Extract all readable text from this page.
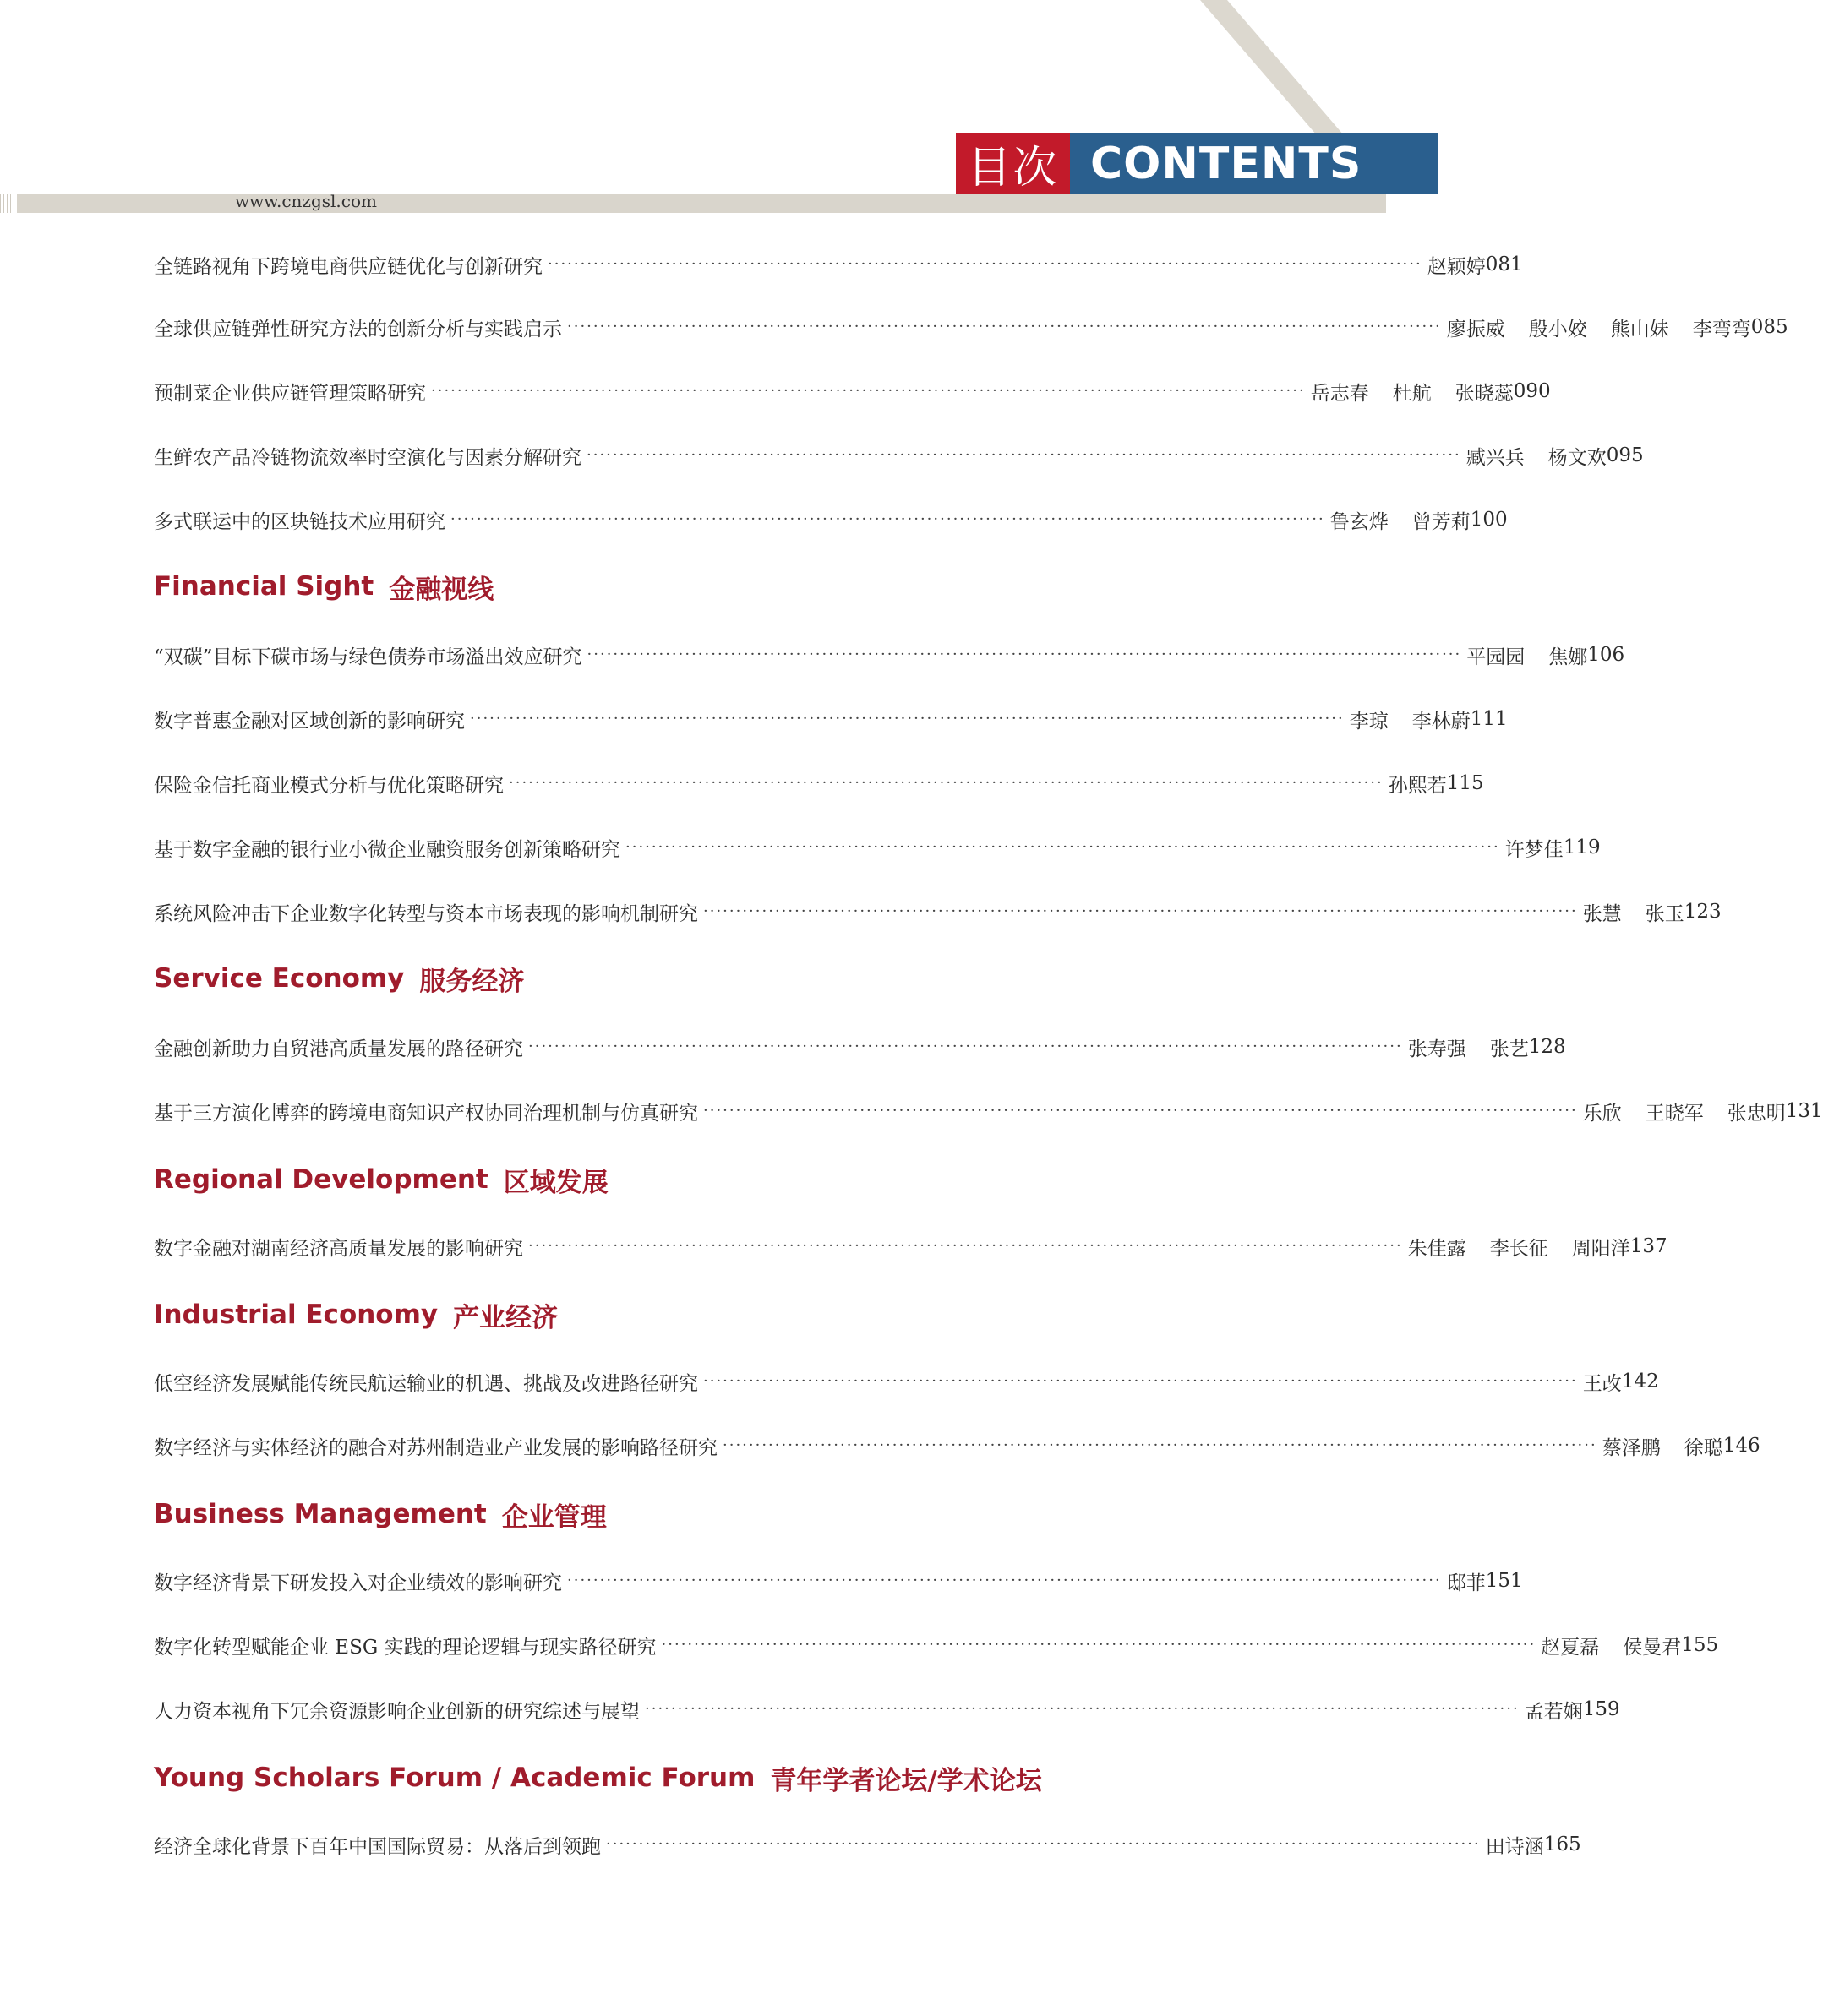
www.cnzgsl.com
目次 CONTENTS
全链路视角下跨境电商供应链优化与创新研究 ······································································································································ 赵颖婷 081
全球供应链弹性研究方法的创新分析与实践启示 ······································································································································ 廖振威 殷小姣 熊山妹 李弯弯 085
预制菜企业供应链管理策略研究 ······································································································································ 岳志春 杜航 张晓蕊 090
生鲜农产品冷链物流效率时空演化与因素分解研究 ······································································································································ 臧兴兵 杨文欢 095
多式联运中的区块链技术应用研究 ······································································································································ 鲁玄烨 曾芳莉 100
Financial Sight 金融视线
“双碳”目标下碳市场与绿色债券市场溢出效应研究 ······································································································································ 平园园 焦娜 106
数字普惠金融对区域创新的影响研究 ······································································································································ 李琼 李林蔚 111
保险金信托商业模式分析与优化策略研究 ······································································································································ 孙熙若 115
基于数字金融的银行业小微企业融资服务创新策略研究 ······································································································································ 许梦佳 119
系统风险冲击下企业数字化转型与资本市场表现的影响机制研究 ······································································································································ 张慧 张玉 123
Service Economy 服务经济
金融创新助力自贸港高质量发展的路径研究 ······································································································································ 张寿强 张艺 128
基于三方演化博弈的跨境电商知识产权协同治理机制与仿真研究 ······································································································································ 乐欣 王晓军 张忠明 131
Regional Development 区域发展
数字金融对湖南经济高质量发展的影响研究 ······································································································································ 朱佳露 李长征 周阳洋 137
Industrial Economy 产业经济
低空经济发展赋能传统民航运输业的机遇、挑战及改进路径研究 ······································································································································ 王改 142
数字经济与实体经济的融合对苏州制造业产业发展的影响路径研究 ······································································································································ 蔡泽鹏 徐聪 146
Business Management 企业管理
数字经济背景下研发投入对企业绩效的影响研究 ······································································································································ 邸菲 151
数字化转型赋能企业 ESG 实践的理论逻辑与现实路径研究 ······································································································································ 赵夏磊 侯曼君 155
人力资本视角下冗余资源影响企业创新的研究综述与展望 ······································································································································ 孟若娴 159
Young Scholars Forum / Academic Forum 青年学者论坛/学术论坛
经济全球化背景下百年中国国际贸易：从落后到领跑 ······································································································································ 田诗涵 165
